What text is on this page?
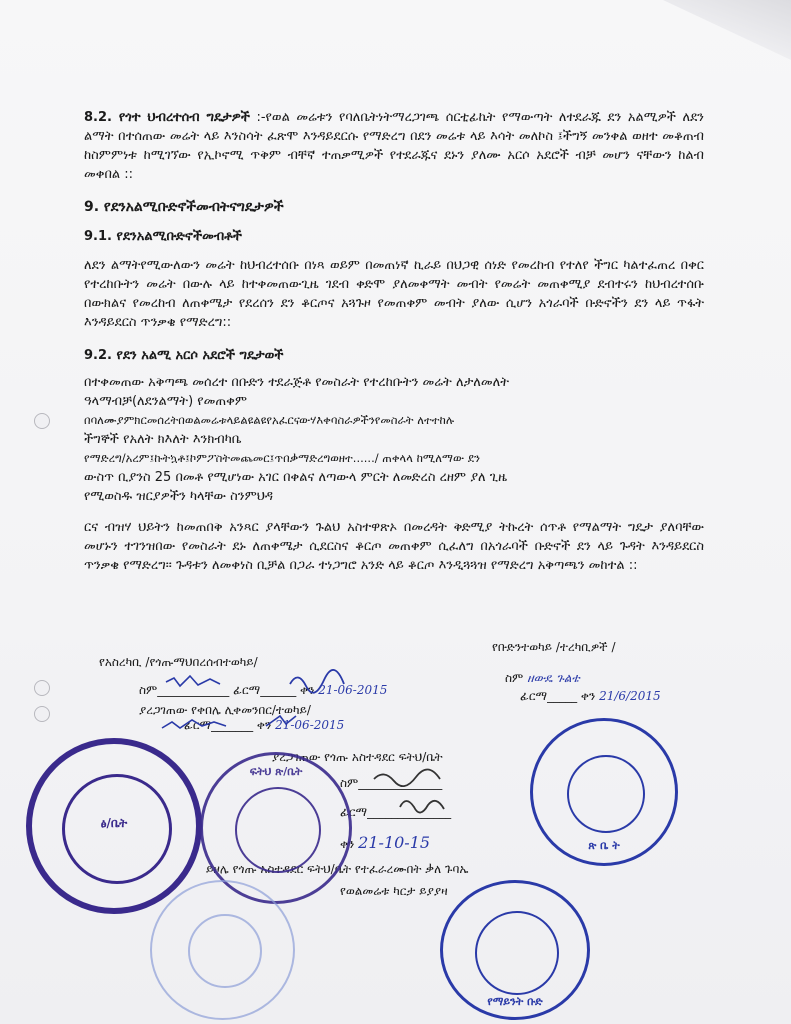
8.2. የጎተ ህብረተሰብ ግዴታዎች :-የወል መሬቱን የባለቤትነትማረጋገጫ ሰርቲፊኬት የማውጣት ለተደራጁ ደን አልሚዎች ለደን ልማት በተሰጠው መሬት ላይ እንስሳት ፈጽሞ እንዳይደርሱ የማድረግ በደን መሬቱ ላይ እሳት መለኮስ ፤ችግኝ መንቀል ወዘተ መቆጠብ ከስምምነቱ ከሚገኘው የኢኮኖሚ ጥቅም ብቸኛ ተጠቃሚዎች የተደራጁና ደኑን ያለሙ አርሶ አደሮች ብቻ መሆን ናቸውን ከልብ መቀበል ::

9. የደንአልሚቡድኖችመብትናግዴታዎች

9.1. የደንአልሚቡድኖችመብቶች

ለደን ልማትየሚውለውን መሬት ከህብረተሰቡ በነጻ ወይም በመጠነኛ ኪራይ በህጋዊ ሰነድ የመረከብ የተለየ ችግር ካልተፈጠረ በቀር የተረከቡትን መሬት በውሉ ላይ ከተቀመጠውጊዜ ገደብ ቀድሞ ያለመቀማት መብት የመሬት መጠቀሚያ ደብተሩን ከህብረተሰቡ በውክልና የመረከብ ለጠቀሜታ የደረሰን ደን ቆርጦና አጓጉዞ የመጠቀም መብት ያለው ሲሆን አጎራባች ቡድኖችን ደን ላይ ጥፋት እንዳይደርስ ጥንቃቄ የማድረግ::

9.2. የደን አልሚ አርሶ አደሮች ግዴታወች

በተቀመጠው አቅጣጫ መሰረተ በቡድን ተደራጅቶ የመስራት የተረከቡትን መሬት ለታለመለት
ዓላማብቻ(ለደንልማት) የመጠቀም
በባለሙያምክርመሰረትበወልመሬቱላይልዩልዩየአፈርናውሃእቀባስራዎችንየመስራት ለተተከሉ
ችግኞች የአለት ክእለት እንክብካቤ
የማድረግ/አረም፤ኩትኳቶ፤ኮምፖስትመጨመር፤ጥበቃማድረግወዘተ....../ ጠቀላላ ከሚለማው ደን
ውስጥ ቢያንስ 25 በመቶ የሚሆነው አገር በቀልና ለጣውላ ምርት ለመድረስ ረዘም ያለ ጊዜ
የሚወስዱ ዝርያዎችን ካላቸው ስንምህዳ

ርና ብዝሃ ህይትን ከመጠበቅ አንጻር ያላቸውን ጉልህ አስተዋጽኦ በመረዳት ቅድሚያ ትኩረት ሰጥቶ የማልማት ግዴታ ያለባቸው መሆኑን ተገንዝበው የመስራት ደኑ ለጠቀሜታ ሲደርስና ቆርጦ መጠቀም ሲፈለግ በአጎራባች ቡድኖች ደን ላይ ጉዳት እንዳይደርስ ጥንቃቄ የማድረግ፡፡ ጉዳቱን ለመቀነስ ቢቻል በጋራ ተነጋግሮ አንድ ላይ ቆርጦ እንዲጓጓዝ የማድረግ አቅጣጫን መከተል ::

የቡድንተወካይ /ተረካቢዎች /
የአስረካቢ /የጎጡማህበረሰብተወካይ/
ስም____________ ፊርማ______ ቀን 21-06-2015
ስም ዘውዴ ጉልቴ
ፊርማ_____ ቀን 21/6/2015
ያረጋገጠው የቀበሌ ሊቀመንበር/ተወካይ/
ፊርማ_______ ቀን 21-06-2015
ያረጋገጠው የጎጡ አስተዳደር ፍትህ/ቤት
ስም______________
ፊርማ______________
ቀን 21-10-15
ይዞሌ የጎጡ አስተዳደር ፍትህ/ቤት የተፈራረሙበት ቃለ ጉባኤ
የወልመሬቱ ካርታ ይያያዛ
ፅ/ቤት
ፍትህ ጽ/ቤት
ጽ ቤ ት
የማይንት ቡድ
